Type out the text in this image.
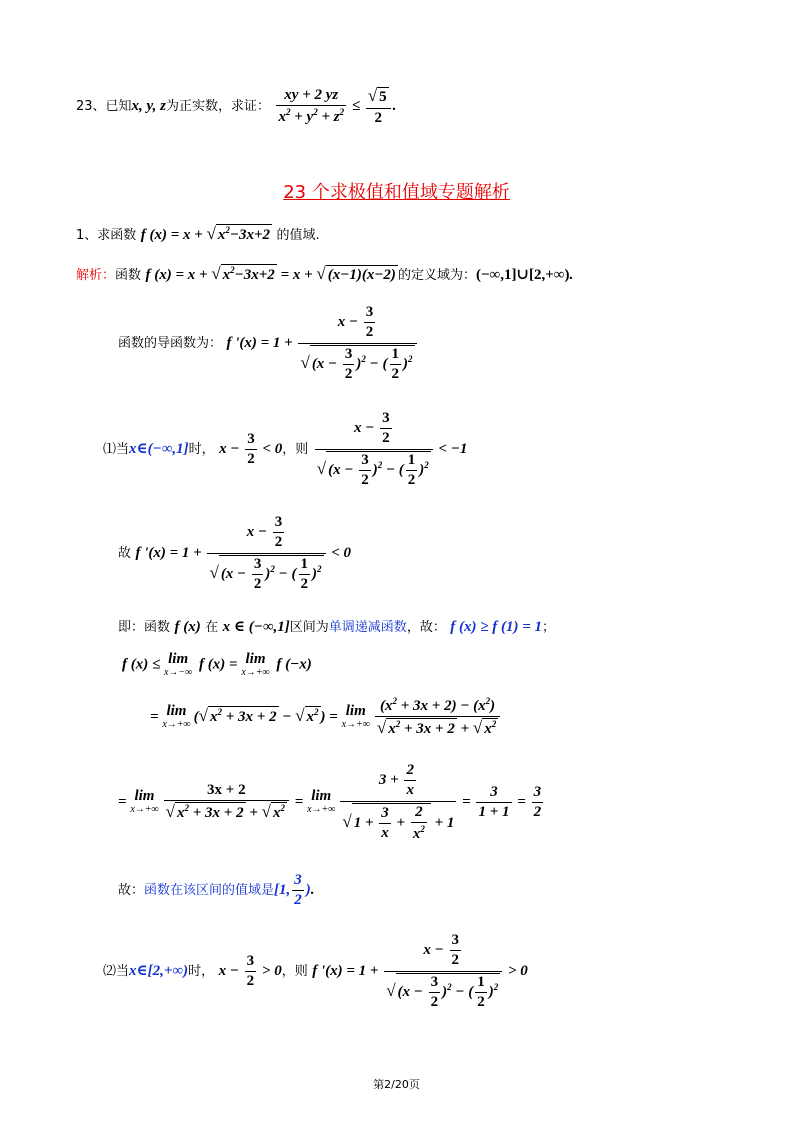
23、已知x, y, z为正实数，求证： $\frac{xy + 2 yz}{x^2 + y^2 + z^2} \le \frac{√ 5}{2}$ .
23 个求极值和值域专题解析
1、求函数 f (x) = x + √ $x^2-3x+2$ 的值域.
解析：函数 f (x) = x + √ $x^2-3x+2 = x$ + √ (x−1)(x−2) 的定义域为：(−∞,1]∪[2,+∞).
函数的导函数为： f '$(x) = 1 + \frac{x - \frac{3}{2}}{√ (x - \frac{3}{2} )^2 - ( \frac{1}{2} )^2}$
⑴当x∈(−∞,1]时， $x - \frac{3}{2} < 0$，则 $\frac{x - \frac{3}{2}}{√ (x - \frac{3}{2} )^2 - ( \frac{1}{2} )^2} < -1$
故 f '$(x) = 1 + \frac{x - \frac{3}{2}}{√ (x - \frac{3}{2} )^2 - ( \frac{1}{2} )^2} < 0$
即：函数 f (x) 在 x ∈ (−∞,1]区间为单调递减函数，故： f (x) ≥ f (1) = 1；
f (x) ≤ lim
x→−∞ f (x) = lim
x→+∞ f (−x)
= lim
x→+∞ (√ $x^2 + 3x + 2$ − √ $x^2$ ) = lim
$x\to+\infty \frac{(x^2 + 3x + 2) - (x^2)}{√ x^2 + 3x + 2 + √ x^2}$
= lim
$x\to+\infty \frac{3x + 2}{√ x^2 + 3x + 2 + √ x^2} = \lim$
$x\to+\infty \frac{3 + \frac{2}{x}}{√ 1 + \frac{3}{x} + \frac{2}{x^2} + 1} = \frac{3}{1 + 1} = \frac{3}{2}$
故：函数在该区间的值域是[1, $\frac{3}{2}$ ).
⑵当x∈[2,+∞)时， $x - \frac{3}{2} > 0$，则 f '$(x) = 1 + \frac{x - \frac{3}{2}}{√ (x - \frac{3}{2} )^2 - ( \frac{1}{2} )^2} > 0$
第2/20页
